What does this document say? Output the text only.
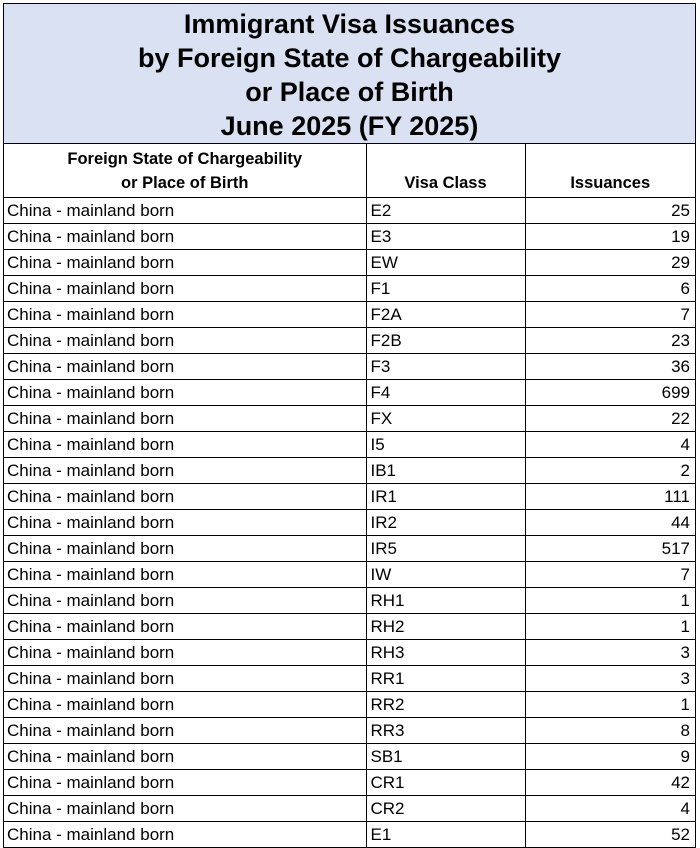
Immigrant Visa Issuances
by Foreign State of Chargeability
or Place of Birth
June 2025 (FY 2025)
Foreign State of Chargeability
or Place of Birth	Visa Class	Issuances
China - mainland born	E2	25
China - mainland born	E3	19
China - mainland born	EW	29
China - mainland born	F1	6
China - mainland born	F2A	7
China - mainland born	F2B	23
China - mainland born	F3	36
China - mainland born	F4	699
China - mainland born	FX	22
China - mainland born	I5	4
China - mainland born	IB1	2
China - mainland born	IR1	111
China - mainland born	IR2	44
China - mainland born	IR5	517
China - mainland born	IW	7
China - mainland born	RH1	1
China - mainland born	RH2	1
China - mainland born	RH3	3
China - mainland born	RR1	3
China - mainland born	RR2	1
China - mainland born	RR3	8
China - mainland born	SB1	9
China - mainland born	CR1	42
China - mainland born	CR2	4
China - mainland born	E1	52
